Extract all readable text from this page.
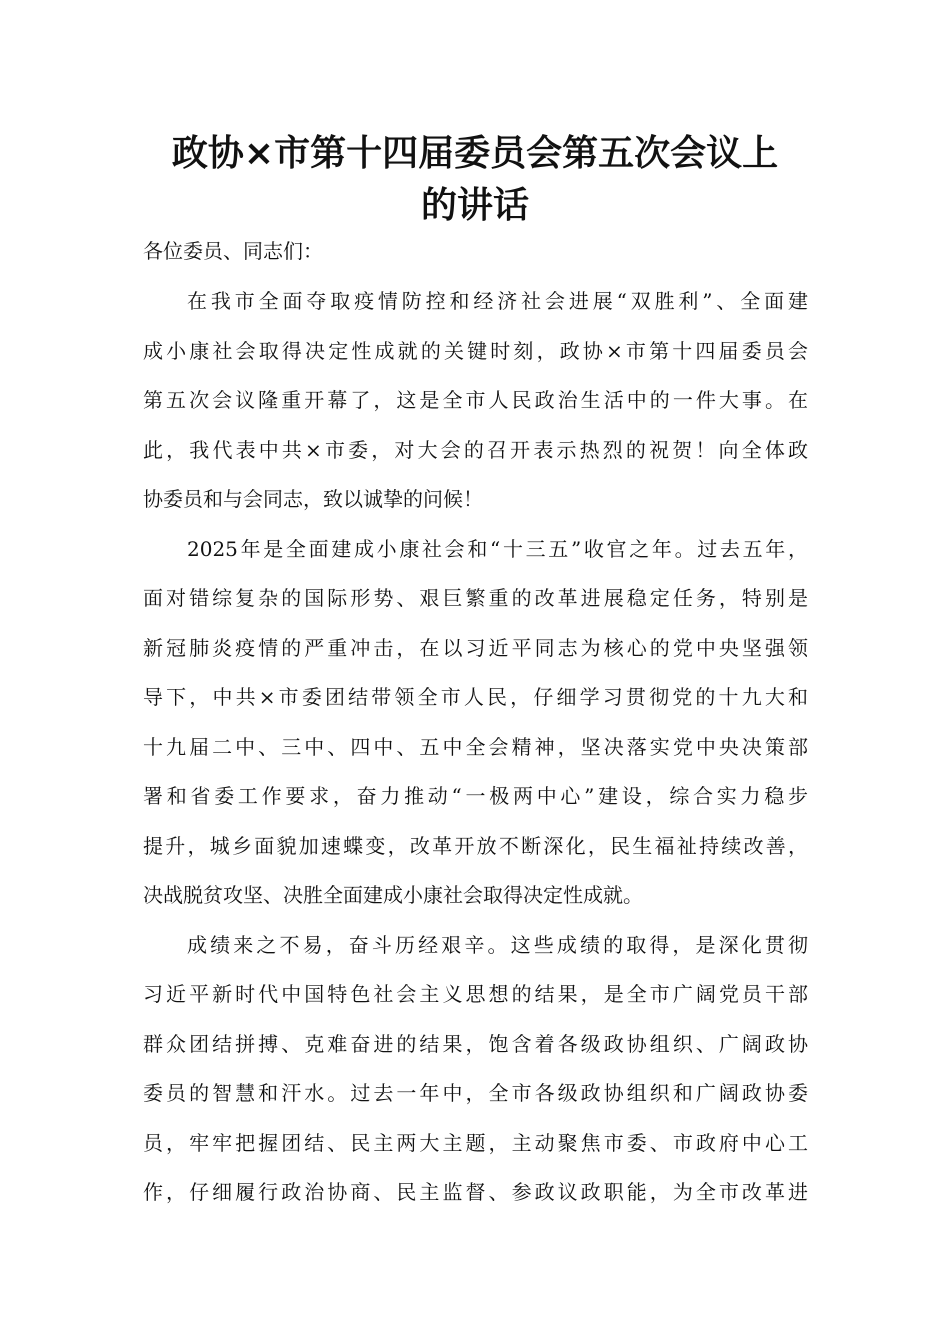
政协×市第十四届委员会第五次会议上
的讲话

各位委员、同志们：

在我市全面夺取疫情防控和经济社会进展“双胜利”、全面建

成小康社会取得决定性成就的关键时刻，政协×市第十四届委员会

第五次会议隆重开幕了，这是全市人民政治生活中的一件大事。在

此，我代表中共×市委，对大会的召开表示热烈的祝贺！向全体政

协委员和与会同志，致以诚挚的问候！

2025年是全面建成小康社会和“十三五”收官之年。过去五年，

面对错综复杂的国际形势、艰巨繁重的改革进展稳定任务，特别是

新冠肺炎疫情的严重冲击，在以习近平同志为核心的党中央坚强领

导下，中共×市委团结带领全市人民，仔细学习贯彻党的十九大和

十九届二中、三中、四中、五中全会精神，坚决落实党中央决策部

署和省委工作要求，奋力推动“一极两中心”建设，综合实力稳步

提升，城乡面貌加速蝶变，改革开放不断深化，民生福祉持续改善，

决战脱贫攻坚、决胜全面建成小康社会取得决定性成就。

成绩来之不易，奋斗历经艰辛。这些成绩的取得，是深化贯彻

习近平新时代中国特色社会主义思想的结果，是全市广阔党员干部

群众团结拼搏、克难奋进的结果，饱含着各级政协组织、广阔政协

委员的智慧和汗水。过去一年中，全市各级政协组织和广阔政协委

员，牢牢把握团结、民主两大主题，主动聚焦市委、市政府中心工

作，仔细履行政治协商、民主监督、参政议政职能，为全市改革进
